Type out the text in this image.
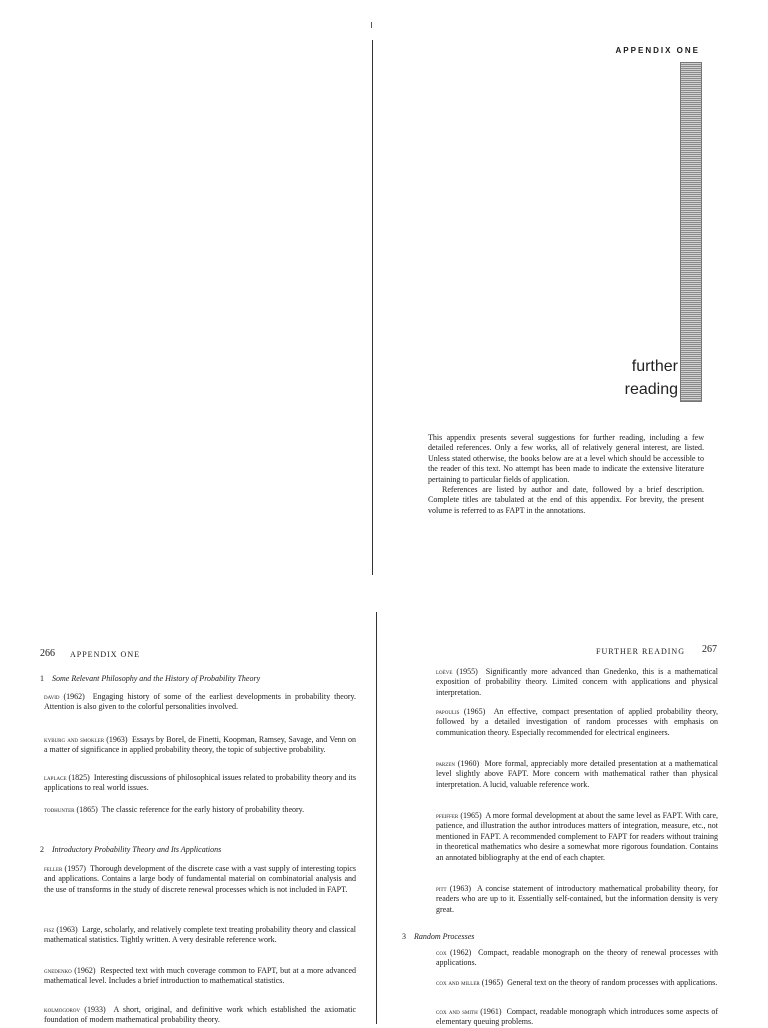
APPENDIX ONE
further
reading

This appendix presents several suggestions for further reading, including a few detailed references. Only a few works, all of relatively general interest, are listed. Unless stated otherwise, the books below are at a level which should be accessible to the reader of this text. No attempt has been made to indicate the extensive literature pertaining to particular fields of application.

References are listed by author and date, followed by a brief description. Complete titles are tabulated at the end of this appendix. For brevity, the present volume is referred to as FAPT in the annotations.

266 APPENDIX ONE
1 Some Relevant Philosophy and the History of Probability Theory
david (1962) Engaging history of some of the earliest developments in probability theory. Attention is also given to the colorful personalities involved.
kyburg and smokler (1963) Essays by Borel, de Finetti, Koopman, Ramsey, Savage, and Venn on a matter of significance in applied probability theory, the topic of subjective probability.
laplace (1825) Interesting discussions of philosophical issues related to probability theory and its applications to real world issues.
todhunter (1865) The classic reference for the early history of probability theory.
2 Introductory Probability Theory and Its Applications
feller (1957) Thorough development of the discrete case with a vast supply of interesting topics and applications. Contains a large body of fundamental material on combinatorial analysis and the use of transforms in the study of discrete renewal processes which is not included in FAPT.
fisz (1963) Large, scholarly, and relatively complete text treating probability theory and classical mathematical statistics. Tightly written. A very desirable reference work.
gnedenko (1962) Respected text with much coverage common to FAPT, but at a more advanced mathematical level. Includes a brief introduction to mathematical statistics.
kolmogorov (1933) A short, original, and definitive work which established the axiomatic foundation of modern mathematical probability theory.
FURTHER READING 267
loève (1955) Significantly more advanced than Gnedenko, this is a mathematical exposition of probability theory. Limited concern with applications and physical interpretation.
papoulis (1965) An effective, compact presentation of applied probability theory, followed by a detailed investigation of random processes with emphasis on communication theory. Especially recommended for electrical engineers.
parzen (1960) More formal, appreciably more detailed presentation at a mathematical level slightly above FAPT. More concern with mathematical rather than physical interpretation. A lucid, valuable reference work.
pfeiffer (1965) A more formal development at about the same level as FAPT. With care, patience, and illustration the author introduces matters of integration, measure, etc., not mentioned in FAPT. A recommended complement to FAPT for readers without training in theoretical mathematics who desire a somewhat more rigorous foundation. Contains an annotated bibliography at the end of each chapter.
pitt (1963) A concise statement of introductory mathematical probability theory, for readers who are up to it. Essentially self-contained, but the information density is very great.
3 Random Processes
cox (1962) Compact, readable monograph on the theory of renewal processes with applications.
cox and miller (1965) General text on the theory of random processes with applications.
cox and smith (1961) Compact, readable monograph which introduces some aspects of elementary queuing problems.
